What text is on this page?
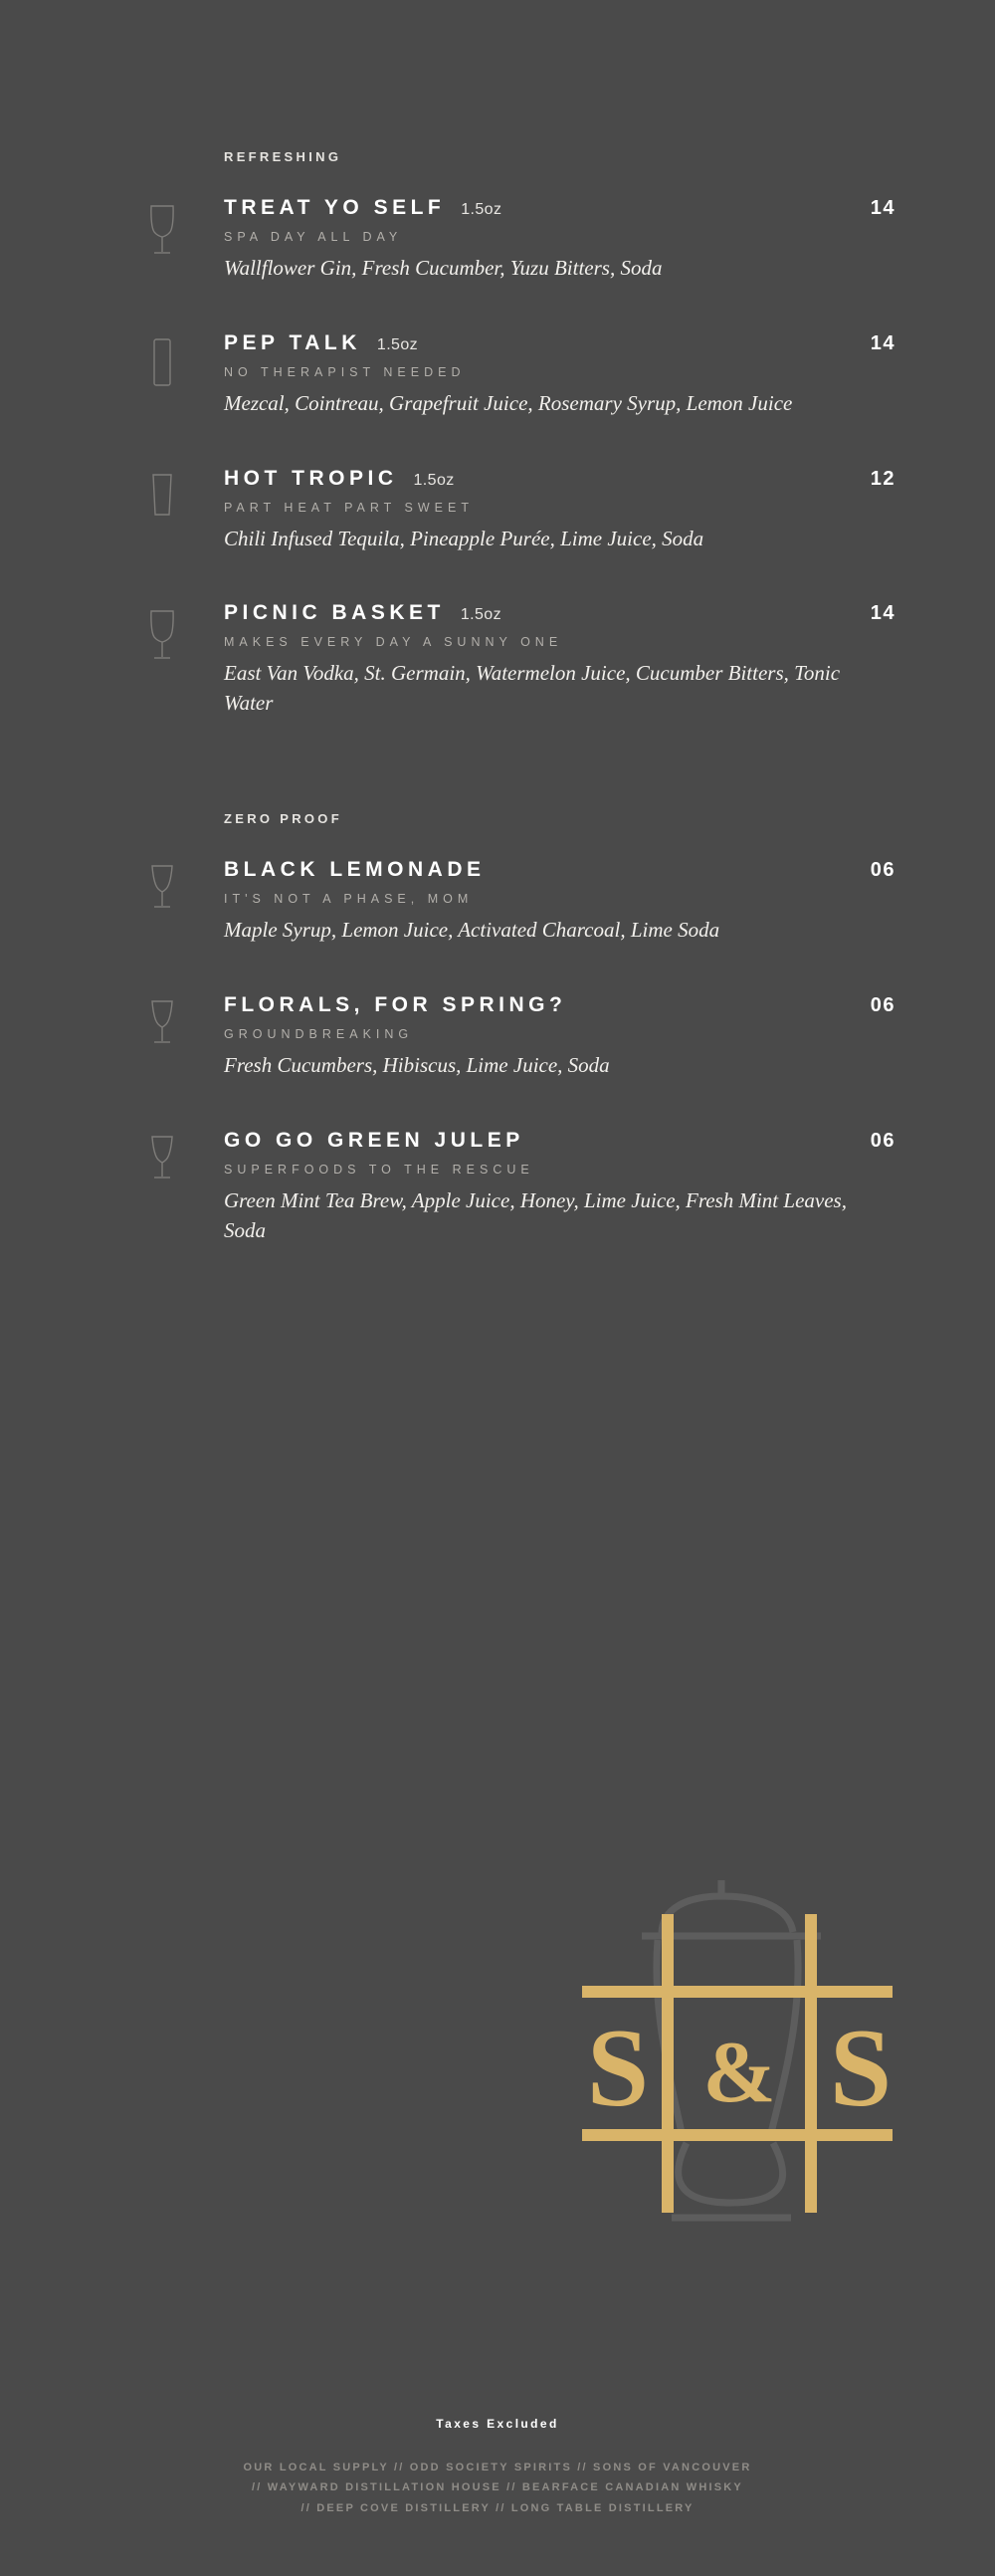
REFRESHING
TREAT YO SELF 1.5oz	14
SPA DAY ALL DAY
Wallflower Gin, Fresh Cucumber, Yuzu Bitters, Soda
PEP TALK 1.5oz	14
NO THERAPIST NEEDED
Mezcal, Cointreau, Grapefruit Juice, Rosemary Syrup, Lemon Juice
HOT TROPIC 1.5oz	12
PART HEAT PART SWEET
Chili Infused Tequila, Pineapple Purée, Lime Juice, Soda
PICNIC BASKET 1.5oz	14
MAKES EVERY DAY A SUNNY ONE
East Van Vodka, St. Germain, Watermelon Juice, Cucumber Bitters, Tonic Water
ZERO PROOF
BLACK LEMONADE	06
IT'S NOT A PHASE, MOM
Maple Syrup, Lemon Juice, Activated Charcoal, Lime Soda
FLORALS, FOR SPRING?	06
GROUNDBREAKING
Fresh Cucumbers, Hibiscus, Lime Juice, Soda
GO GO GREEN JULEP	06
SUPERFOODS TO THE RESCUE
Green Mint Tea Brew, Apple Juice, Honey, Lime Juice, Fresh Mint Leaves, Soda
S & S
Taxes Excluded
OUR LOCAL SUPPLY // ODD SOCIETY SPIRITS // SONS OF VANCOUVER
// WAYWARD DISTILLATION HOUSE // BEARFACE CANADIAN WHISKY
// DEEP COVE DISTILLERY // LONG TABLE DISTILLERY
